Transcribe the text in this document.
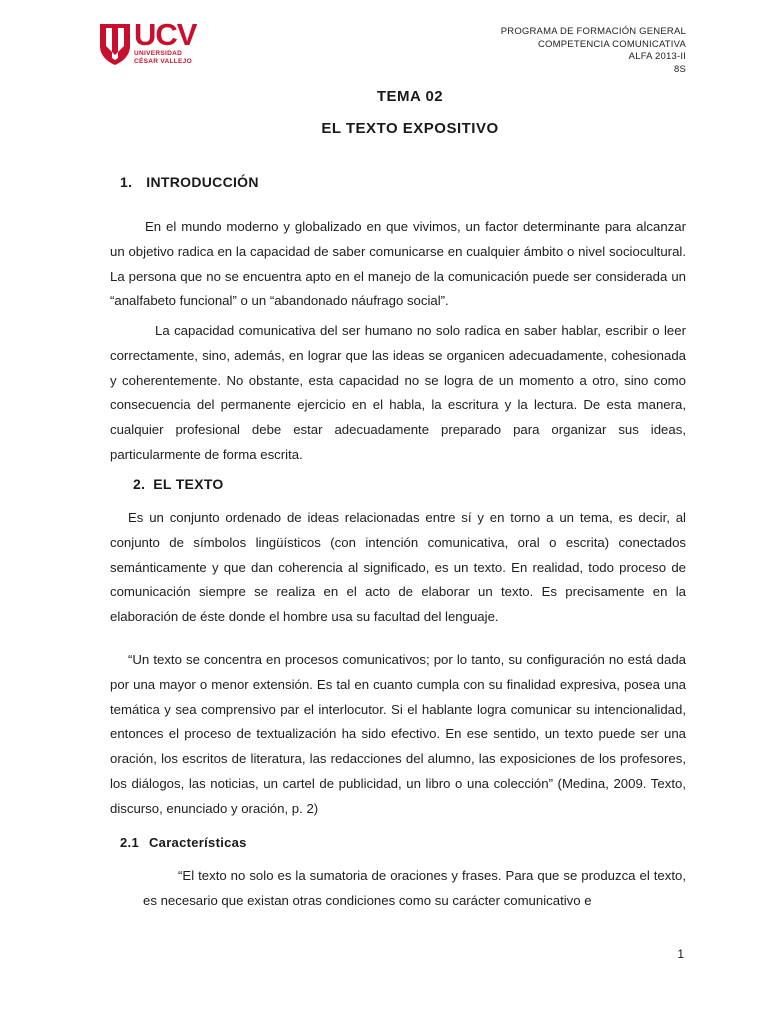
UCV
UNIVERSIDAD
CÉSAR VALLEJO
PROGRAMA DE FORMACIÓN GENERAL
COMPETENCIA COMUNICATIVA
ALFA 2013-II
8S
TEMA 02
EL TEXTO EXPOSITIVO
1. INTRODUCCIÓN

En el mundo moderno y globalizado en que vivimos, un factor determinante para alcanzar un objetivo radica en la capacidad de saber comunicarse en cualquier ámbito o nivel sociocultural. La persona que no se encuentra apto en el manejo de la comunicación puede ser considerada un “analfabeto funcional” o un “abandonado náufrago social”.

La capacidad comunicativa del ser humano no solo radica en saber hablar, escribir o leer correctamente, sino, además, en lograr que las ideas se organicen adecuadamente, cohesionada y coherentemente. No obstante, esta capacidad no se logra de un momento a otro, sino como consecuencia del permanente ejercicio en el habla, la escritura y la lectura. De esta manera, cualquier profesional debe estar adecuadamente preparado para organizar sus ideas, particularmente de forma escrita.

2. EL TEXTO

Es un conjunto ordenado de ideas relacionadas entre sí y en torno a un tema, es decir, al conjunto de símbolos lingüísticos (con intención comunicativa, oral o escrita) conectados semánticamente y que dan coherencia al significado, es un texto. En realidad, todo proceso de comunicación siempre se realiza en el acto de elaborar un texto. Es precisamente en la elaboración de éste donde el hombre usa su facultad del lenguaje.

“Un texto se concentra en procesos comunicativos; por lo tanto, su configuración no está dada por una mayor o menor extensión. Es tal en cuanto cumpla con su finalidad expresiva, posea una temática y sea comprensivo par el interlocutor. Si el hablante logra comunicar su intencionalidad, entonces el proceso de textualización ha sido efectivo. En ese sentido, un texto puede ser una oración, los escritos de literatura, las redacciones del alumno, las exposiciones de los profesores, los diálogos, las noticias, un cartel de publicidad, un libro o una colección” (Medina, 2009. Texto, discurso, enunciado y oración, p. 2)

2.1 Características

“El texto no solo es la sumatoria de oraciones y frases. Para que se produzca el texto, es necesario que existan otras condiciones como su carácter comunicativo e

1
